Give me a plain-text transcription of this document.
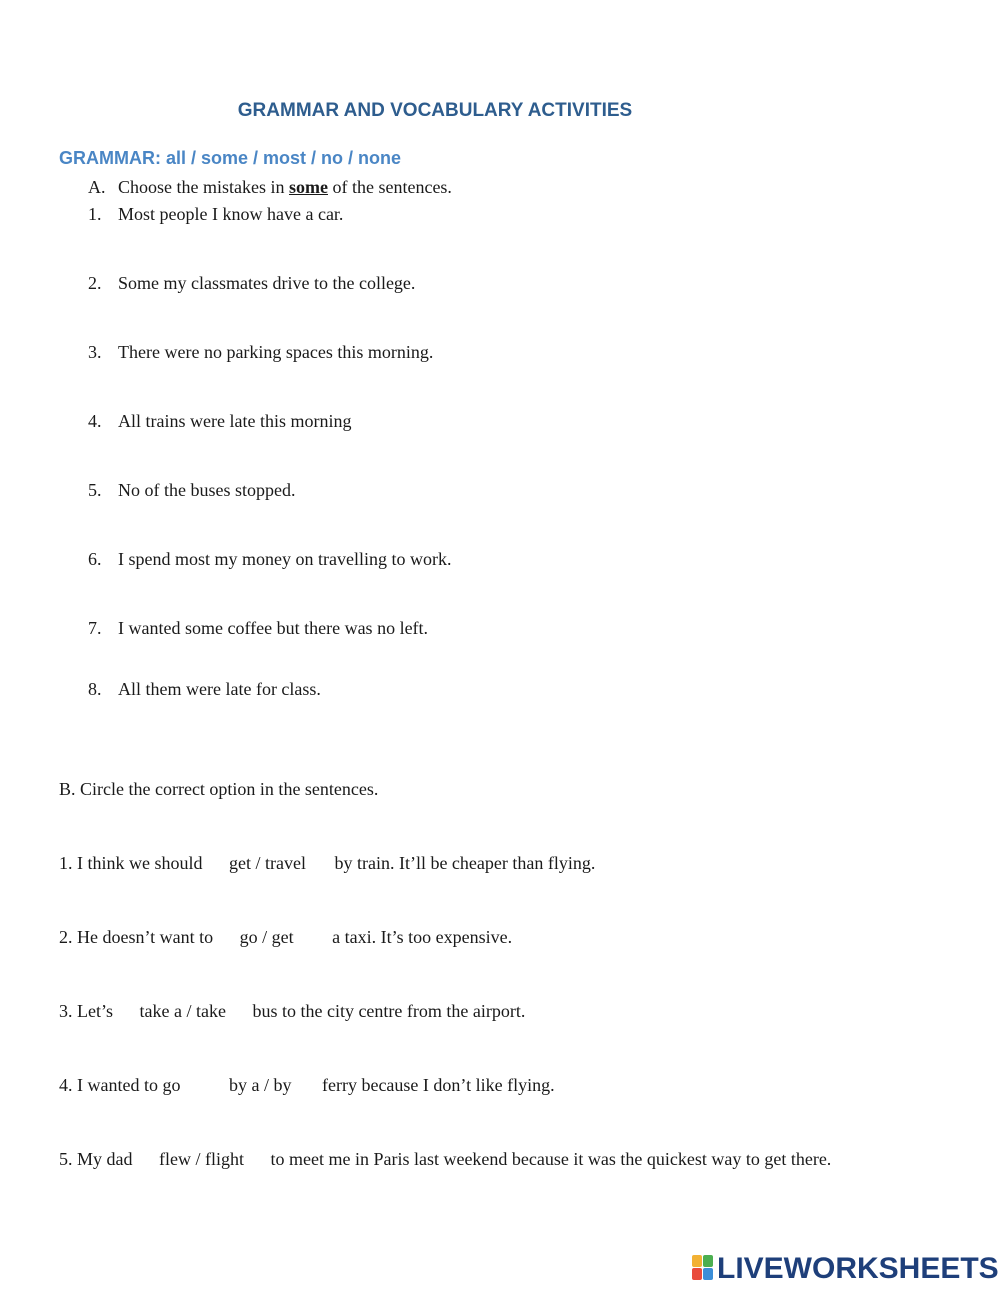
GRAMMAR AND VOCABULARY ACTIVITIES
GRAMMAR: all / some / most / no / none
A. Choose the mistakes in some of the sentences.
1. Most people I know have a car.
2. Some my classmates drive to the college.
3. There were no parking spaces this morning.
4. All trains were late this morning
5. No of the buses stopped.
6. I spend most my money on travelling to work.
7. I wanted some coffee but there was no left.
8. All them were late for class.
B. Circle the correct option in the sentences.
1. I think we should get / travel by train. It’ll be cheaper than flying.
2. He doesn’t want to go / get a taxi. It’s too expensive.
3. Let’s take a / take bus to the city centre from the airport.
4. I wanted to go	by a / by ferry because I don’t like flying.
5. My dad flew / flight to meet me in Paris last weekend because it was the quickest way to get there.
LIVEWORKSHEETS
